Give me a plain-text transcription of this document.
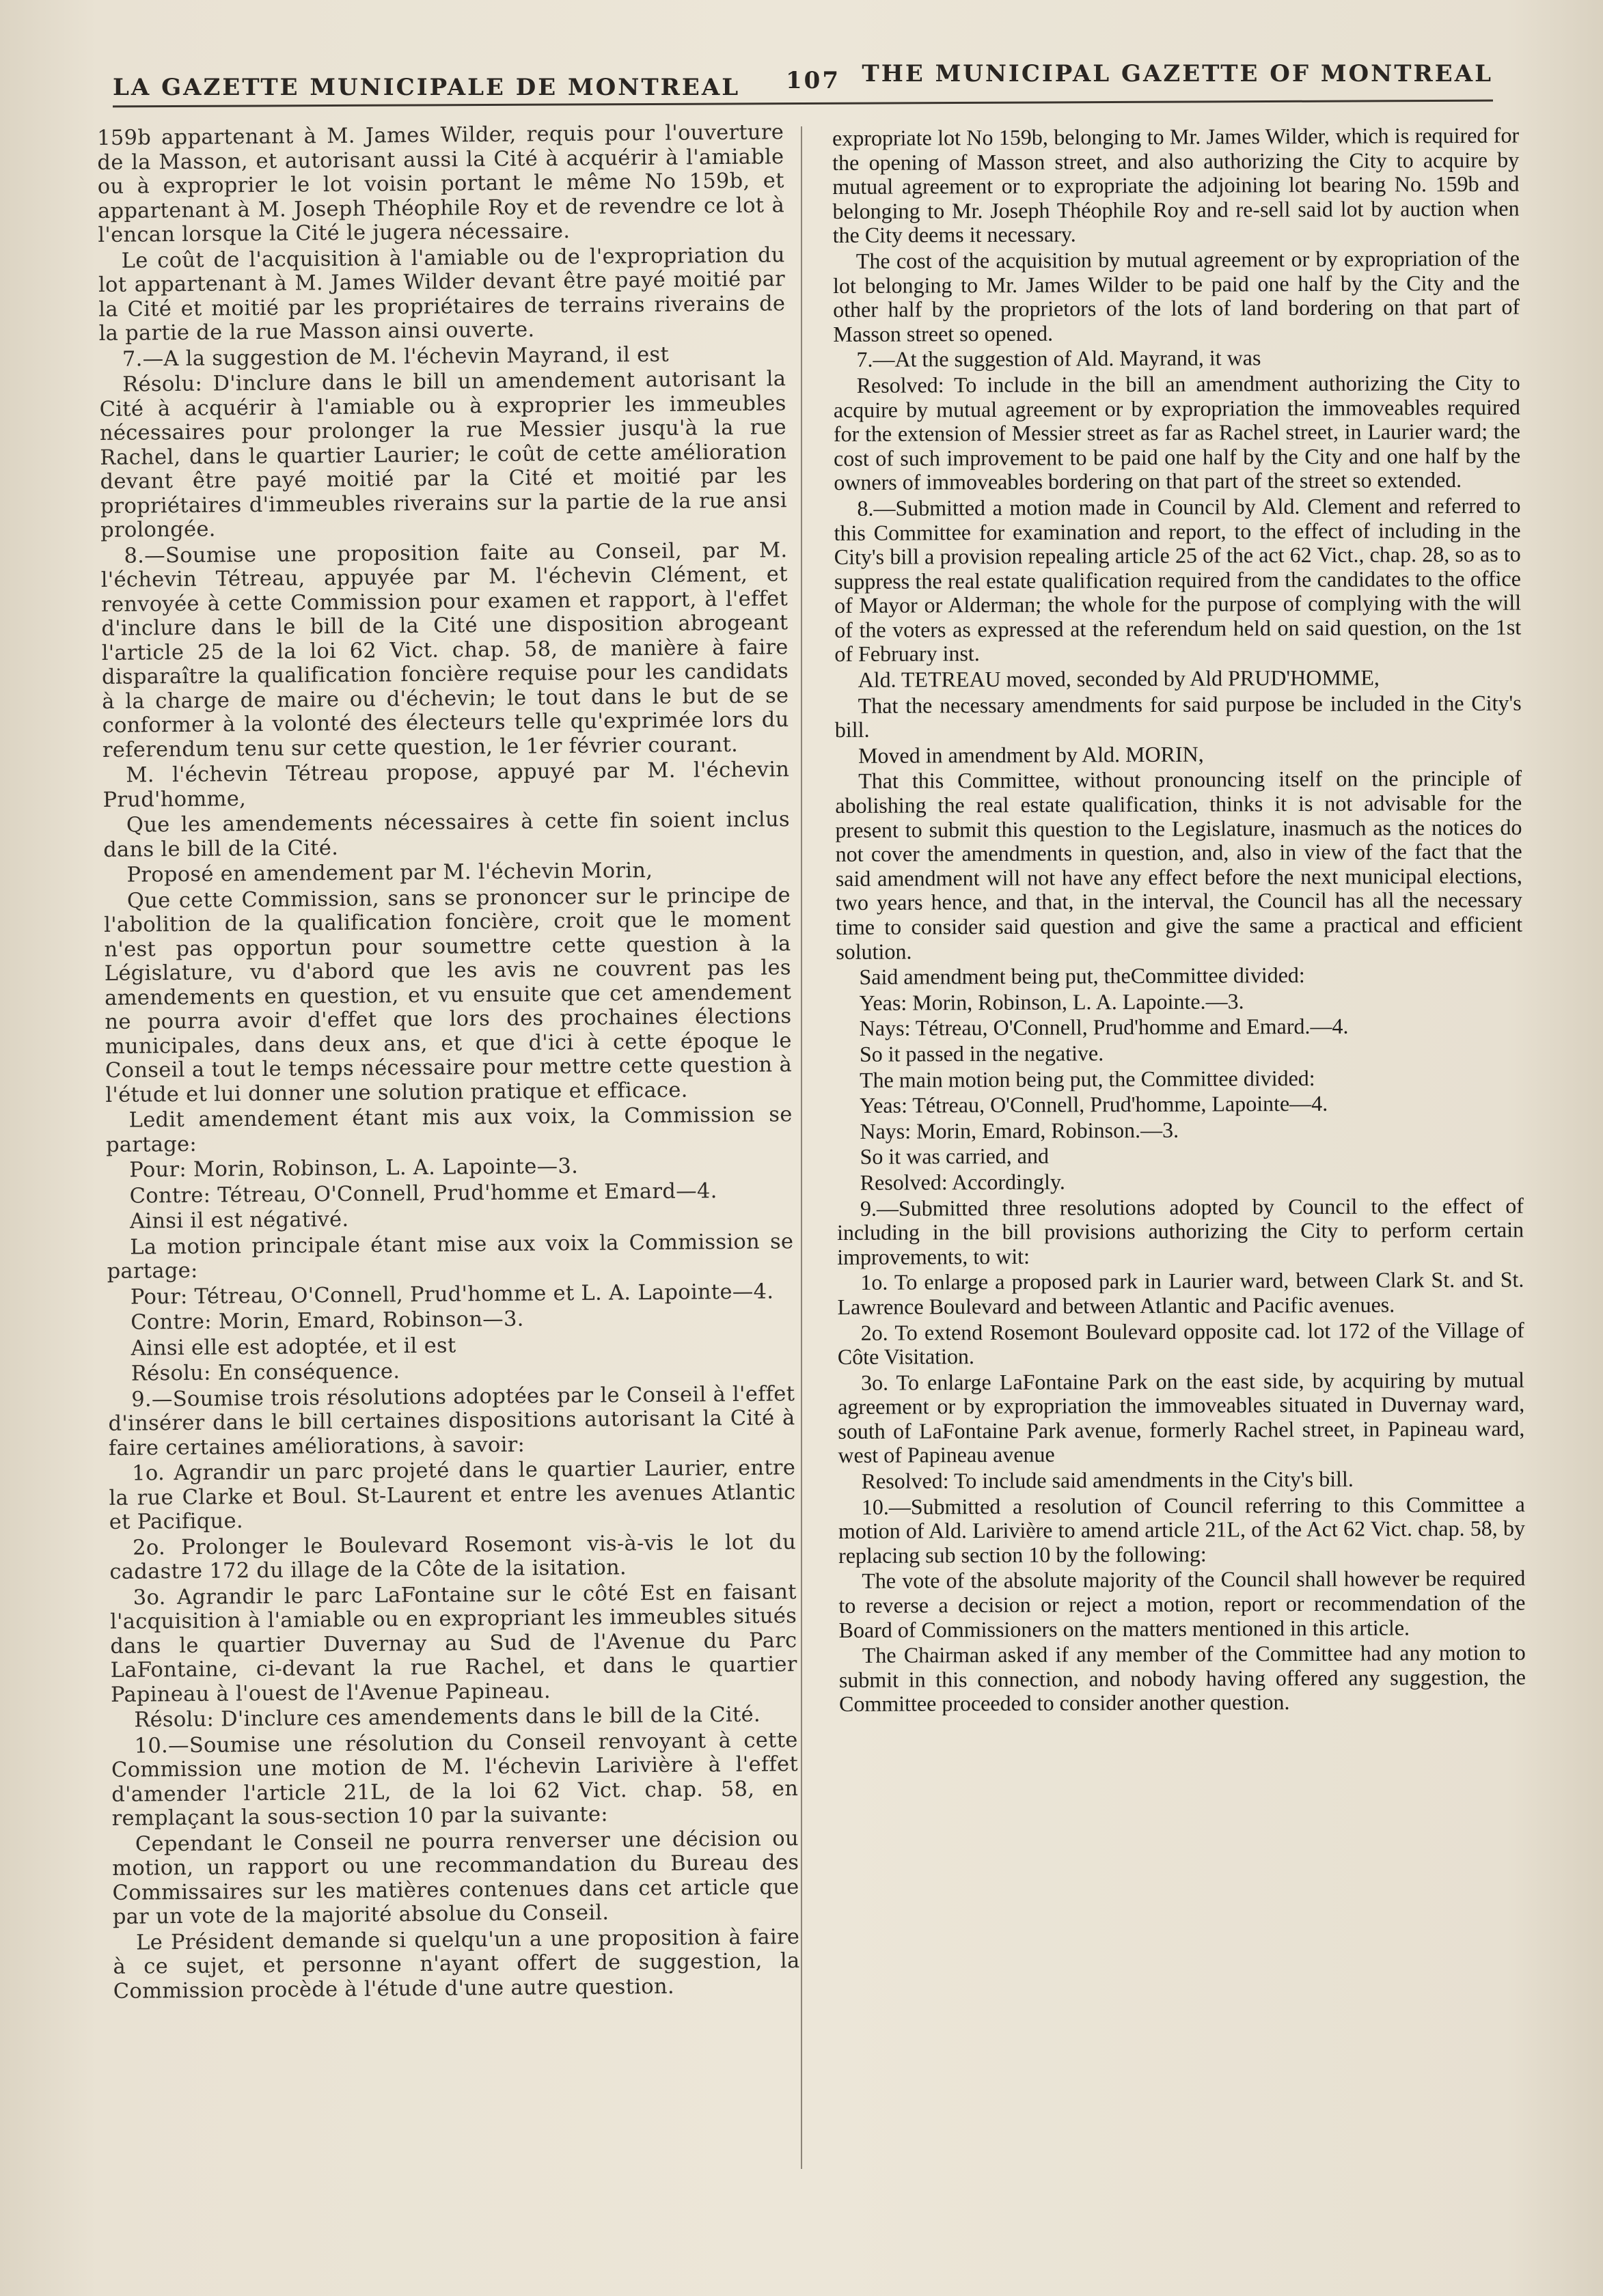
LA GAZETTE MUNICIPALE DE MONTREAL 107 THE MUNICIPAL GAZETTE OF MONTREAL

159b appartenant à M. James Wilder, requis pour l'ouverture de la Masson, et autorisant aussi la Cité à acquérir à l'amiable ou à exproprier le lot voisin portant le même No 159b, et appartenant à M. Joseph Théophile Roy et de revendre ce lot à l'encan lorsque la Cité le jugera nécessaire.

Le coût de l'acquisition à l'amiable ou de l'expropriation du lot appartenant à M. James Wilder devant être payé moitié par la Cité et moitié par les propriétaires de terrains riverains de la partie de la rue Masson ainsi ouverte.

7.—A la suggestion de M. l'échevin Mayrand, il est

Résolu: D'inclure dans le bill un amendement autorisant la Cité à acquérir à l'amiable ou à exproprier les immeubles nécessaires pour prolonger la rue Messier jusqu'à la rue Rachel, dans le quartier Laurier; le coût de cette amélioration devant être payé moitié par la Cité et moitié par les propriétaires d'immeubles riverains sur la partie de la rue ansi prolongée.

8.—Soumise une proposition faite au Conseil, par M. l'échevin Tétreau, appuyée par M. l'échevin Clément, et renvoyée à cette Commission pour examen et rapport, à l'effet d'inclure dans le bill de la Cité une disposition abrogeant l'article 25 de la loi 62 Vict. chap. 58, de manière à faire disparaître la qualification foncière requise pour les candidats à la charge de maire ou d'échevin; le tout dans le but de se conformer à la volonté des électeurs telle qu'exprimée lors du referendum tenu sur cette question, le 1er février courant.

M. l'échevin Tétreau propose, appuyé par M. l'échevin Prud'homme,

Que les amendements nécessaires à cette fin soient inclus dans le bill de la Cité.

Proposé en amendement par M. l'échevin Morin,

Que cette Commission, sans se prononcer sur le principe de l'abolition de la qualification foncière, croit que le moment n'est pas opportun pour soumettre cette question à la Législature, vu d'abord que les avis ne couvrent pas les amendements en question, et vu ensuite que cet amendement ne pourra avoir d'effet que lors des prochaines élections municipales, dans deux ans, et que d'ici à cette époque le Conseil a tout le temps nécessaire pour mettre cette question à l'étude et lui donner une solution pratique et efficace.

Ledit amendement étant mis aux voix, la Commission se partage:

Pour: Morin, Robinson, L. A. Lapointe—3.

Contre: Tétreau, O'Connell, Prud'homme et Emard—4.

Ainsi il est négativé.

La motion principale étant mise aux voix la Commission se partage:

Pour: Tétreau, O'Connell, Prud'homme et L. A. Lapointe—4.

Contre: Morin, Emard, Robinson—3.

Ainsi elle est adoptée, et il est

Résolu: En conséquence.

9.—Soumise trois résolutions adoptées par le Conseil à l'effet d'insérer dans le bill certaines dispositions autorisant la Cité à faire certaines améliorations, à savoir:

1o. Agrandir un parc projeté dans le quartier Laurier, entre la rue Clarke et Boul. St-Laurent et entre les avenues Atlantic et Pacifique.

2o. Prolonger le Boulevard Rosemont vis-à-vis le lot du cadastre 172 du illage de la Côte de la isitation.

3o. Agrandir le parc LaFontaine sur le côté Est en faisant l'acquisition à l'amiable ou en expropriant les immeubles situés dans le quartier Duvernay au Sud de l'Avenue du Parc LaFontaine, ci-devant la rue Rachel, et dans le quartier Papineau à l'ouest de l'Avenue Papineau.

Résolu: D'inclure ces amendements dans le bill de la Cité.

10.—Soumise une résolution du Conseil renvoyant à cette Commission une motion de M. l'échevin Larivière à l'effet d'amender l'article 21L, de la loi 62 Vict. chap. 58, en remplaçant la sous-section 10 par la suivante:

Cependant le Conseil ne pourra renverser une décision ou motion, un rapport ou une recommandation du Bureau des Commissaires sur les matières contenues dans cet article que par un vote de la majorité absolue du Conseil.

Le Président demande si quelqu'un a une proposition à faire à ce sujet, et personne n'ayant offert de suggestion, la Commission procède à l'étude d'une autre question.

expropriate lot No 159b, belonging to Mr. James Wilder, which is required for the opening of Masson street, and also authorizing the City to acquire by mutual agreement or to expropriate the adjoining lot bearing No. 159b and belonging to Mr. Joseph Théophile Roy and re-sell said lot by auction when the City deems it necessary.

The cost of the acquisition by mutual agreement or by expropriation of the lot belonging to Mr. James Wilder to be paid one half by the City and the other half by the proprietors of the lots of land bordering on that part of Masson street so opened.

7.—At the suggestion of Ald. Mayrand, it was

Resolved: To include in the bill an amendment authorizing the City to acquire by mutual agreement or by expropriation the immoveables required for the extension of Messier street as far as Rachel street, in Laurier ward; the cost of such improvement to be paid one half by the City and one half by the owners of immoveables bordering on that part of the street so extended.

8.—Submitted a motion made in Council by Ald. Clement and referred to this Committee for examination and report, to the effect of including in the City's bill a provision repealing article 25 of the act 62 Vict., chap. 28, so as to suppress the real estate qualification required from the candidates to the office of Mayor or Alderman; the whole for the purpose of complying with the will of the voters as expressed at the referendum held on said question, on the 1st of February inst.

Ald. TETREAU moved, seconded by Ald PRUD'HOMME,

That the necessary amendments for said purpose be included in the City's bill.

Moved in amendment by Ald. MORIN,

That this Committee, without pronouncing itself on the principle of abolishing the real estate qualification, thinks it is not advisable for the present to submit this question to the Legislature, inasmuch as the notices do not cover the amendments in question, and, also in view of the fact that the said amendment will not have any effect before the next municipal elections, two years hence, and that, in the interval, the Council has all the necessary time to consider said question and give the same a practical and efficient solution.

Said amendment being put, theCommittee divided:

Yeas: Morin, Robinson, L. A. Lapointe.—3.

Nays: Tétreau, O'Connell, Prud'homme and Emard.—4.

So it passed in the negative.

The main motion being put, the Committee divided:

Yeas: Tétreau, O'Connell, Prud'homme, Lapointe—4.

Nays: Morin, Emard, Robinson.—3.

So it was carried, and

Resolved: Accordingly.

9.—Submitted three resolutions adopted by Council to the effect of including in the bill provisions authorizing the City to perform certain improvements, to wit:

1o. To enlarge a proposed park in Laurier ward, between Clark St. and St. Lawrence Boulevard and between Atlantic and Pacific avenues.

2o. To extend Rosemont Boulevard opposite cad. lot 172 of the Village of Côte Visitation.

3o. To enlarge LaFontaine Park on the east side, by acquiring by mutual agreement or by expropriation the immoveables situated in Duvernay ward, south of LaFontaine Park avenue, formerly Rachel street, in Papineau ward, west of Papineau avenue

Resolved: To include said amendments in the City's bill.

10.—Submitted a resolution of Council referring to this Committee a motion of Ald. Larivière to amend article 21L, of the Act 62 Vict. chap. 58, by replacing sub section 10 by the following:

The vote of the absolute majority of the Council shall however be required to reverse a decision or reject a motion, report or recommendation of the Board of Commissioners on the matters mentioned in this article.

The Chairman asked if any member of the Committee had any motion to submit in this connection, and nobody having offered any suggestion, the Committee proceeded to consider another question.
